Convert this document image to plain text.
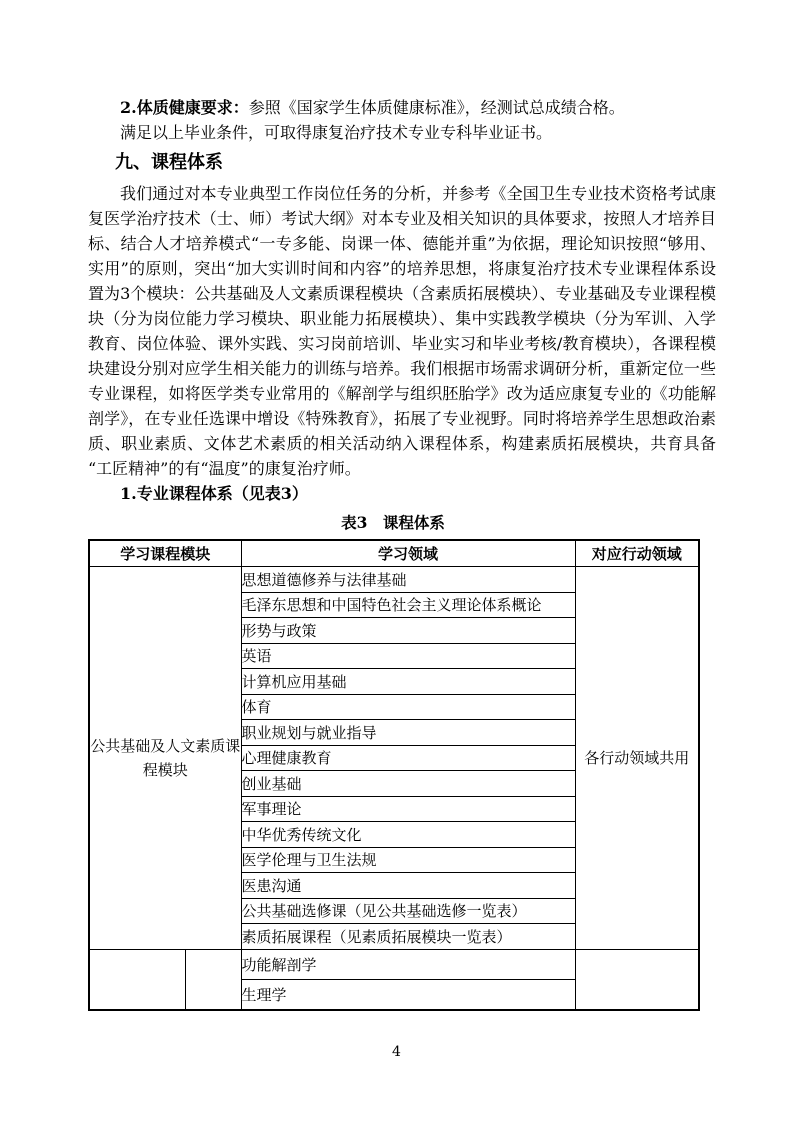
2.体质健康要求：参照《国家学生体质健康标准》，经测试总成绩合格。

满足以上毕业条件，可取得康复治疗技术专业专科毕业证书。

九、课程体系

我们通过对本专业典型工作岗位任务的分析，并参考《全国卫生专业技术资格考试康复医学治疗技术（士、师）考试大纲》对本专业及相关知识的具体要求，按照人才培养目标、结合人才培养模式“一专多能、岗课一体、德能并重”为依据，理论知识按照“够用、实用”的原则，突出“加大实训时间和内容”的培养思想，将康复治疗技术专业课程体系设置为3个模块：公共基础及人文素质课程模块（含素质拓展模块）、专业基础及专业课程模块（分为岗位能力学习模块、职业能力拓展模块）、集中实践教学模块（分为军训、入学教育、岗位体验、课外实践、实习岗前培训、毕业实习和毕业考核/教育模块），各课程模块建设分别对应学生相关能力的训练与培养。我们根据市场需求调研分析，重新定位一些专业课程，如将医学类专业常用的《解剖学与组织胚胎学》改为适应康复专业的《功能解剖学》，在专业任选课中增设《特殊教育》，拓展了专业视野。同时将培养学生思想政治素质、职业素质、文体艺术素质的相关活动纳入课程体系，构建素质拓展模块，共育具备“工匠精神”的有“温度”的康复治疗师。

1.专业课程体系（见表3）

表3　课程体系

学习课程模块		学习领域	对应行动领域
公共基础及人文素质课程模块		思想道德修养与法律基础	各行动领域共用
		毛泽东思想和中国特色社会主义理论体系概论	
		形势与政策	
		英语	
		计算机应用基础	
		体育	
		职业规划与就业指导	
		心理健康教育	
		创业基础	
		军事理论	
		中华优秀传统文化	
		医学伦理与卫生法规	
		医患沟通	
		公共基础选修课（见公共基础选修一览表）	
		素质拓展课程（见素质拓展模块一览表）	
		功能解剖学	
		生理学	
4
